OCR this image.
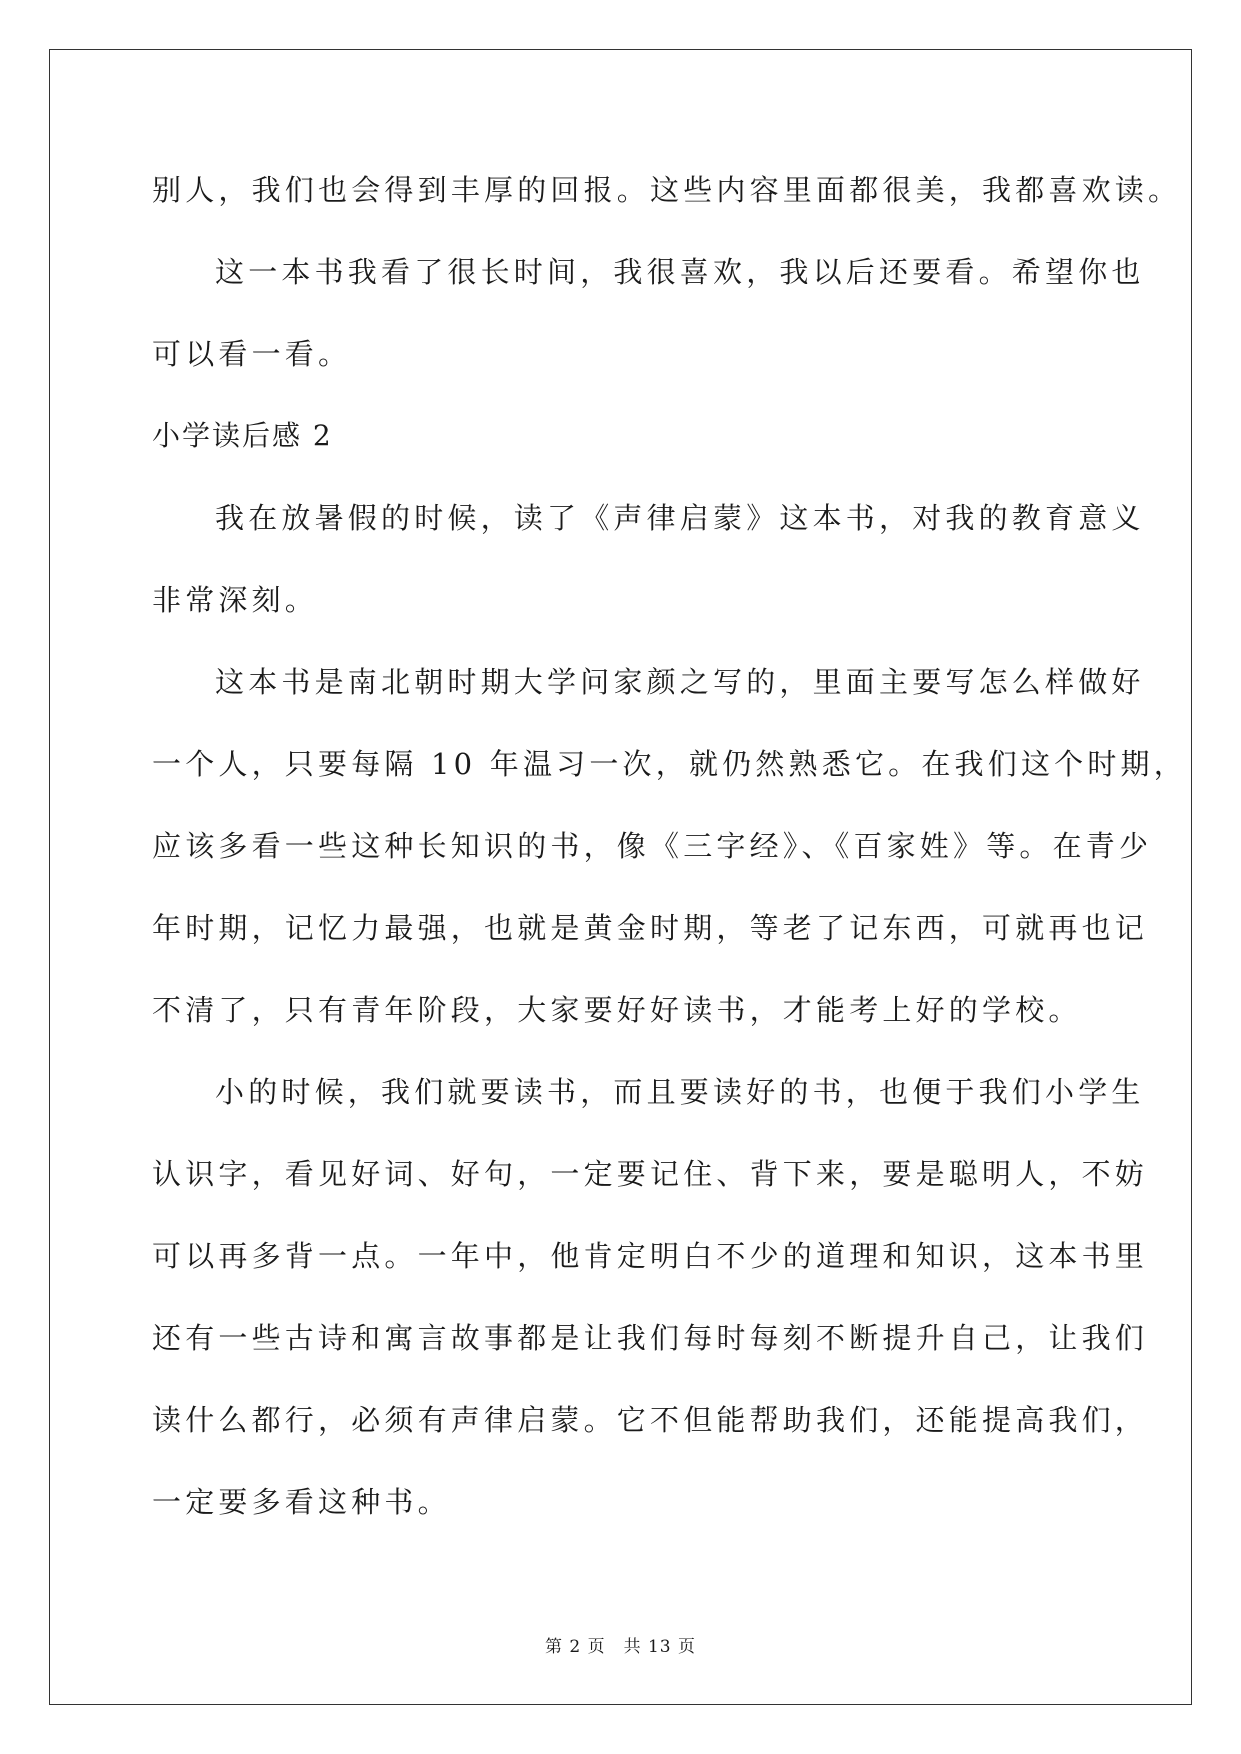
别人，我们也会得到丰厚的回报。这些内容里面都很美，我都喜欢读。
这一本书我看了很长时间，我很喜欢，我以后还要看。希望你也
可以看一看。
小学读后感 2
我在放暑假的时候，读了《声律启蒙》这本书，对我的教育意义
非常深刻。
这本书是南北朝时期大学问家颜之写的，里面主要写怎么样做好
一个人，只要每隔 10 年温习一次，就仍然熟悉它。在我们这个时期，
应该多看一些这种长知识的书，像《三字经》、《百家姓》等。在青少
年时期，记忆力最强，也就是黄金时期，等老了记东西，可就再也记
不清了，只有青年阶段，大家要好好读书，才能考上好的学校。
小的时候，我们就要读书，而且要读好的书，也便于我们小学生
认识字，看见好词、好句，一定要记住、背下来，要是聪明人，不妨
可以再多背一点。一年中，他肯定明白不少的道理和知识，这本书里
还有一些古诗和寓言故事都是让我们每时每刻不断提升自己，让我们
读什么都行，必须有声律启蒙。它不但能帮助我们，还能提高我们，
一定要多看这种书。
第 2 页　共 13 页
